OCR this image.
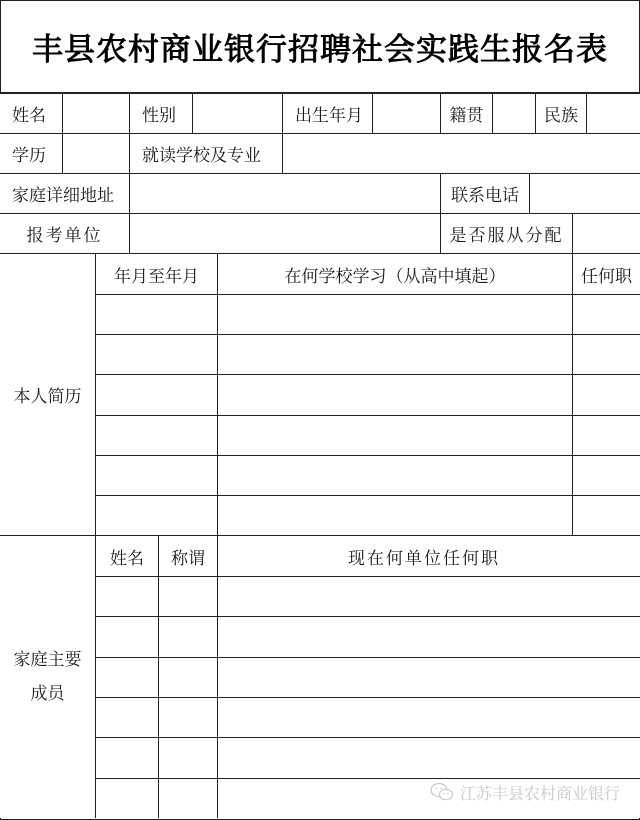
丰县农村商业银行招聘社会实践生报名表
姓名	性别	出生年月	籍贯	民族
学历	就读学校及专业
家庭详细地址	联系电话
报考单位	是否服从分配
本人简历
年月至年月	在何学校学习（从高中填起）	任何职
家庭主要
成员
姓名	称谓	现在何单位任何职
江苏丰县农村商业银行
